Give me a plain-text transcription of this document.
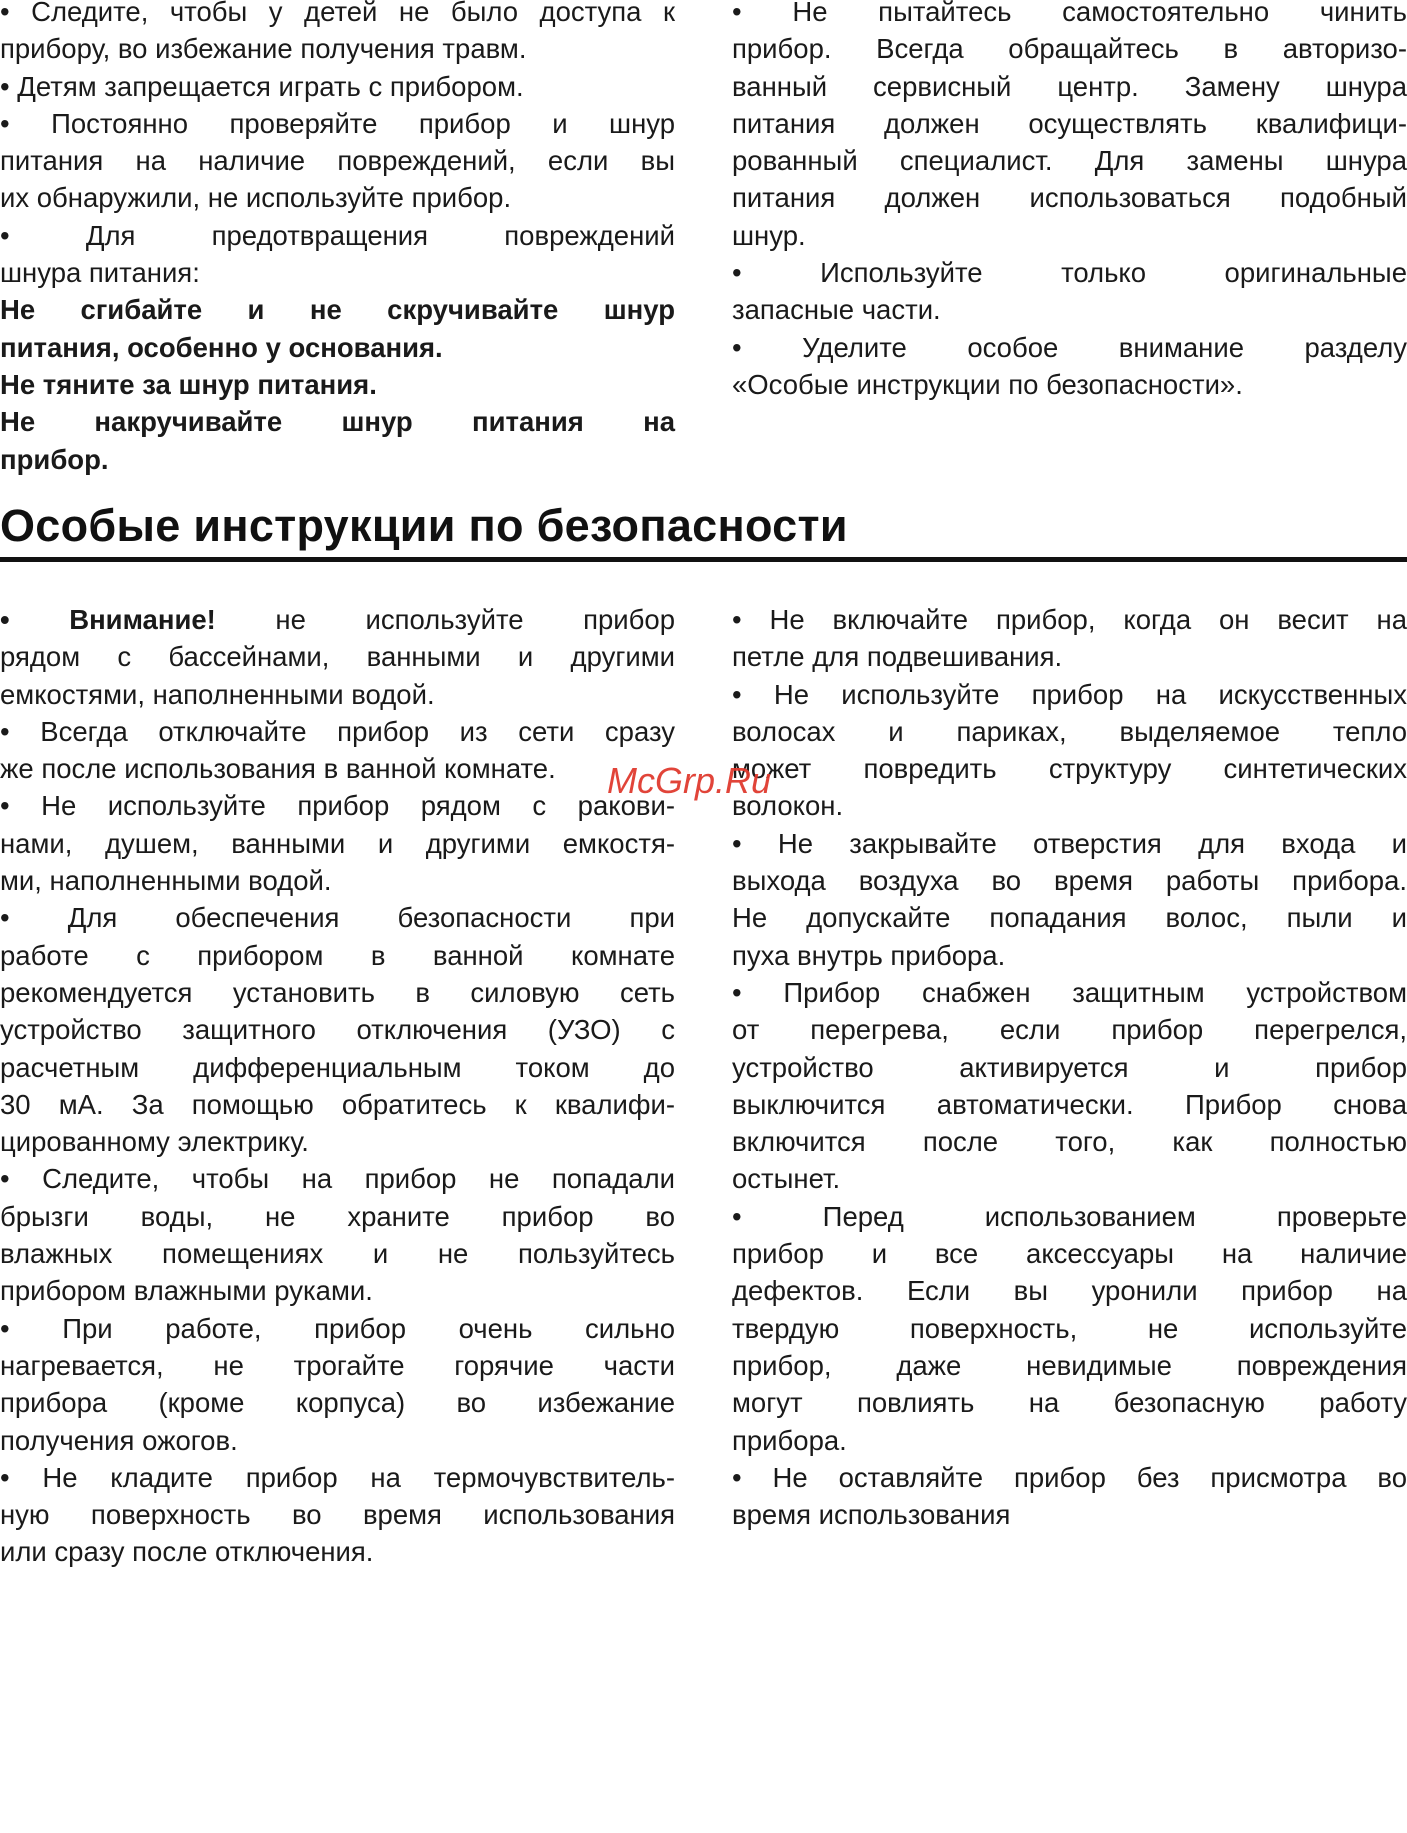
• Следите, чтобы у детей не было доступа к
прибору, во избежание получения травм.
• Детям запрещается играть с прибором.
• Постоянно проверяйте прибор и шнур
питания на наличие повреждений, если вы
их обнаружили, не используйте прибор.
• Для предотвращения повреждений
шнура питания:
Не сгибайте и не скручивайте шнур
питания, особенно у основания.
Не тяните за шнур питания.
Не накручивайте шнур питания на
прибор.
• Не пытайтесь самостоятельно чинить
прибор. Всегда обращайтесь в авторизо-
ванный сервисный центр. Замену шнура
питания должен осуществлять квалифици-
рованный специалист. Для замены шнура
питания должен использоваться подобный
шнур.
• Используйте только оригинальные
запасные части.
• Уделите особое внимание разделу
«Особые инструкции по безопасности».
Особые инструкции по безопасности
• Внимание! не используйте прибор
рядом с бассейнами, ванными и другими
емкостями, наполненными водой.
• Всегда отключайте прибор из сети сразу
же после использования в ванной комнате.
• Не используйте прибор рядом с ракови-
нами, душем, ванными и другими емкостя-
ми, наполненными водой.
• Для обеспечения безопасности при
работе с прибором в ванной комнате
рекомендуется установить в силовую сеть
устройство защитного отключения (УЗО) с
расчетным дифференциальным током до
30 мА. За помощью обратитесь к квалифи-
цированному электрику.
• Следите, чтобы на прибор не попадали
брызги воды, не храните прибор во
влажных помещениях и не пользуйтесь
прибором влажными руками.
• При работе, прибор очень сильно
нагревается, не трогайте горячие части
прибора (кроме корпуса) во избежание
получения ожогов.
• Не кладите прибор на термочувствитель-
ную поверхность во время использования
или сразу после отключения.
• Не включайте прибор, когда он весит на
петле для подвешивания.
• Не используйте прибор на искусственных
волосах и париках, выделяемое тепло
может повредить структуру синтетических
волокон.
• Не закрывайте отверстия для входа и
выхода воздуха во время работы прибора.
Не допускайте попадания волос, пыли и
пуха внутрь прибора.
• Прибор снабжен защитным устройством
от перегрева, если прибор перегрелся,
устройство активируется и прибор
выключится автоматически. Прибор снова
включится после того, как полностью
остынет.
• Перед использованием проверьте
прибор и все аксессуары на наличие
дефектов. Если вы уронили прибор на
твердую поверхность, не используйте
прибор, даже невидимые повреждения
могут повлиять на безопасную работу
прибора.
• Не оставляйте прибор без присмотра во
время использования
McGrp.Ru
